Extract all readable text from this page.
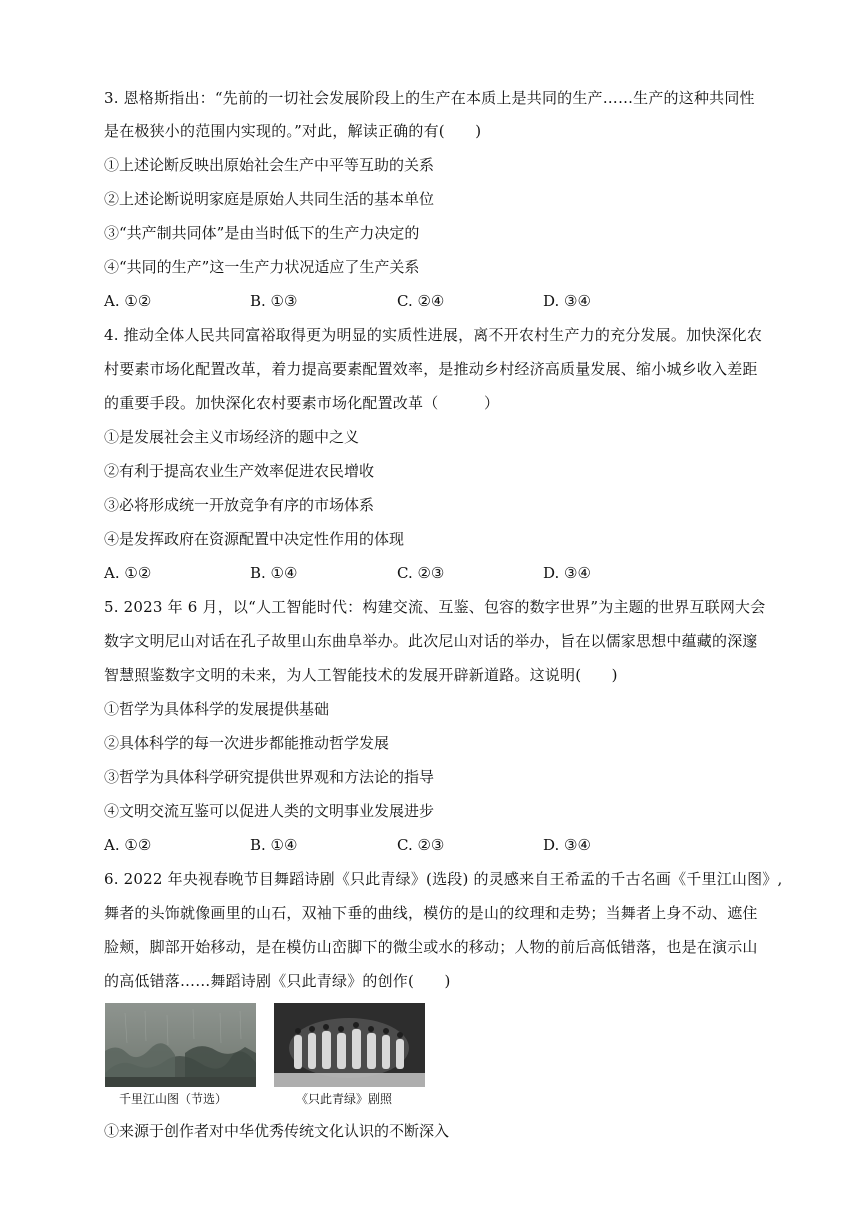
3. 恩格斯指出：“先前的一切社会发展阶段上的生产在本质上是共同的生产……生产的这种共同性
是在极狭小的范围内实现的。”对此，解读正确的有(　　)
①上述论断反映出原始社会生产中平等互助的关系
②上述论断说明家庭是原始人共同生活的基本单位
③“共产制共同体”是由当时低下的生产力决定的
④“共同的生产”这一生产力状况适应了生产关系
A. ①②	B. ①③	C. ②④	D. ③④
4. 推动全体人民共同富裕取得更为明显的实质性进展，离不开农村生产力的充分发展。加快深化农
村要素市场化配置改革，着力提高要素配置效率，是推动乡村经济高质量发展、缩小城乡收入差距
的重要手段。加快深化农村要素市场化配置改革（　　　）
①是发展社会主义市场经济的题中之义
②有利于提高农业生产效率促进农民增收
③必将形成统一开放竞争有序的市场体系
④是发挥政府在资源配置中决定性作用的体现
A. ①②	B. ①④	C. ②③	D. ③④
5. 2023 年 6 月，以“人工智能时代：构建交流、互鉴、包容的数字世界”为主题的世界互联网大会
数字文明尼山对话在孔子故里山东曲阜举办。此次尼山对话的举办，旨在以儒家思想中蕴藏的深邃
智慧照鉴数字文明的未来，为人工智能技术的发展开辟新道路。这说明(　　)
①哲学为具体科学的发展提供基础
②具体科学的每一次进步都能推动哲学发展
③哲学为具体科学研究提供世界观和方法论的指导
④文明交流互鉴可以促进人类的文明事业发展进步
A. ①②	B. ①④	C. ②③	D. ③④
6. 2022 年央视春晚节目舞蹈诗剧《只此青绿》(选段) 的灵感来自王希孟的千古名画《千里江山图》,
舞者的头饰就像画里的山石，双袖下垂的曲线，模仿的是山的纹理和走势；当舞者上身不动、遮住
脸颊，脚部开始移动，是在模仿山峦脚下的微尘或水的移动；人物的前后高低错落，也是在演示山
的高低错落……舞蹈诗剧《只此青绿》的创作(　　)
千里江山图（节选）	《只此青绿》剧照
①来源于创作者对中华优秀传统文化认识的不断深入
